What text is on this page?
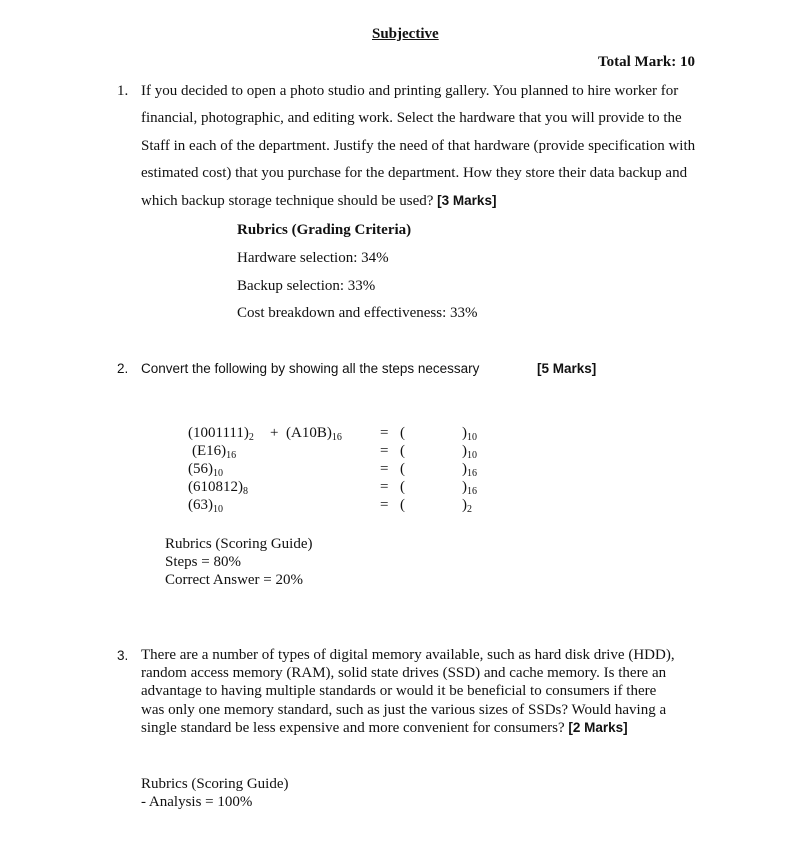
Subjective
Total Mark: 10
1. If you decided to open a photo studio and printing gallery. You planned to hire worker for
financial, photographic, and editing work. Select the hardware that you will provide to the
Staff in each of the department. Justify the need of that hardware (provide specification with
estimated cost) that you purchase for the department. How they store their data backup and
which backup storage technique should be used? [3 Marks]
Rubrics (Grading Criteria)
Hardware selection: 34%
Backup selection: 33%
Cost breakdown and effectiveness: 33%
2. Convert the following by showing all the steps necessary	[5 Marks]
$(1001111)_2 + (A10B)_{16}$	= (	)$_{10}$
$(E16)_{16}$	= (	)$_{10}$
$(56)_{10}$	= (	)$_{16}$
$(610812)_8$	= (	)$_{16}$
$(63)_{10}$	= (	)$_2$
Rubrics (Scoring Guide)
Steps = 80%
Correct Answer = 20%
3. There are a number of types of digital memory available, such as hard disk drive (HDD),
random access memory (RAM), solid state drives (SSD) and cache memory. Is there an
advantage to having multiple standards or would it be beneficial to consumers if there
was only one memory standard, such as just the various sizes of SSDs? Would having a
single standard be less expensive and more convenient for consumers? [2 Marks]
Rubrics (Scoring Guide)
- Analysis = 100%
